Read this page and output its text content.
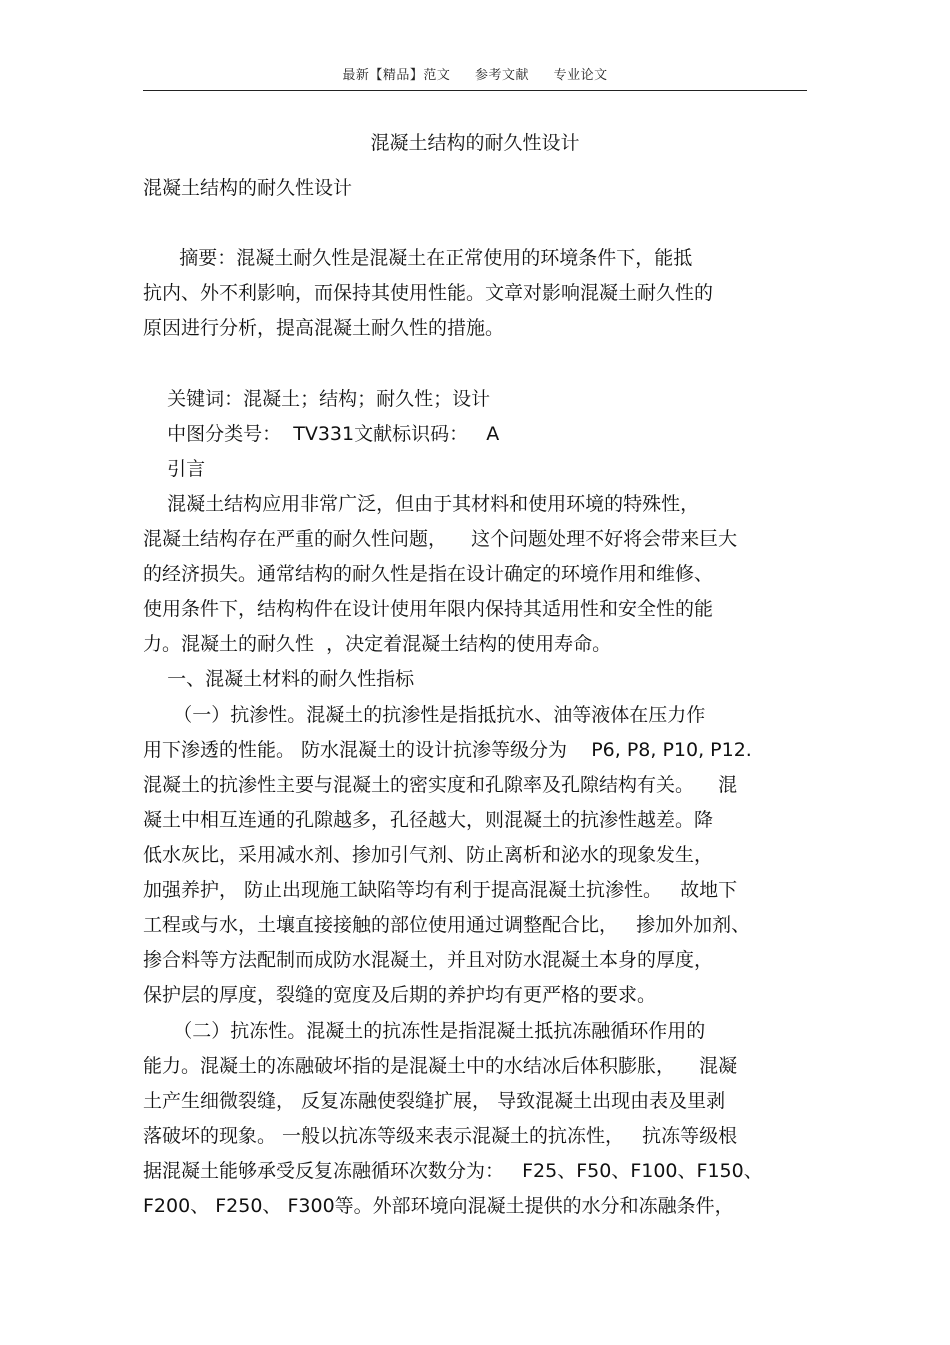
最新【精品】范文 参考文献 专业论文
混凝土结构的耐久性设计
混凝土结构的耐久性设计
摘要：混凝土耐久性是混凝土在正常使用的环境条件下，能抵
抗内、外不利影响，而保持其使用性能。文章对影响混凝土耐久性的
原因进行分析，提高混凝土耐久性的措施。
关键词：混凝土；结构；耐久性；设计
中图分类号：  TV331文献标识码：   A
引言
混凝土结构应用非常广泛，但由于其材料和使用环境的特殊性，
混凝土结构存在严重的耐久性问题，    这个问题处理不好将会带来巨大
的经济损失。通常结构的耐久性是指在设计确定的环境作用和维修、
使用条件下，结构构件在设计使用年限内保持其适用性和安全性的能
力。混凝土的耐久性  ，决定着混凝土结构的使用寿命。
一、混凝土材料的耐久性指标
（一）抗渗性。混凝土的抗渗性是指抵抗水、油等液体在压力作
用下渗透的性能。 防水混凝土的设计抗渗等级分为    P6, P8, P10, P12.
混凝土的抗渗性主要与混凝土的密实度和孔隙率及孔隙结构有关。    混
凝土中相互连通的孔隙越多，孔径越大，则混凝土的抗渗性越差。降
低水灰比，采用减水剂、掺加引气剂、防止离析和泌水的现象发生，
加强养护， 防止出现施工缺陷等均有利于提高混凝土抗渗性。   故地下
工程或与水，土壤直接接触的部位使用通过调整配合比，   掺加外加剂、
掺合料等方法配制而成防水混凝土，并且对防水混凝土本身的厚度，
保护层的厚度，裂缝的宽度及后期的养护均有更严格的要求。
（二）抗冻性。混凝土的抗冻性是指混凝土抵抗冻融循环作用的
能力。混凝土的冻融破坏指的是混凝土中的水结冰后体积膨胀，    混凝
土产生细微裂缝， 反复冻融使裂缝扩展， 导致混凝土出现由表及里剥
落破坏的现象。 一般以抗冻等级来表示混凝土的抗冻性，   抗冻等级根
据混凝土能够承受反复冻融循环次数分为：   F25、F50、F100、F150、
F200、 F250、 F300等。外部环境向混凝土提供的水分和冻融条件，
